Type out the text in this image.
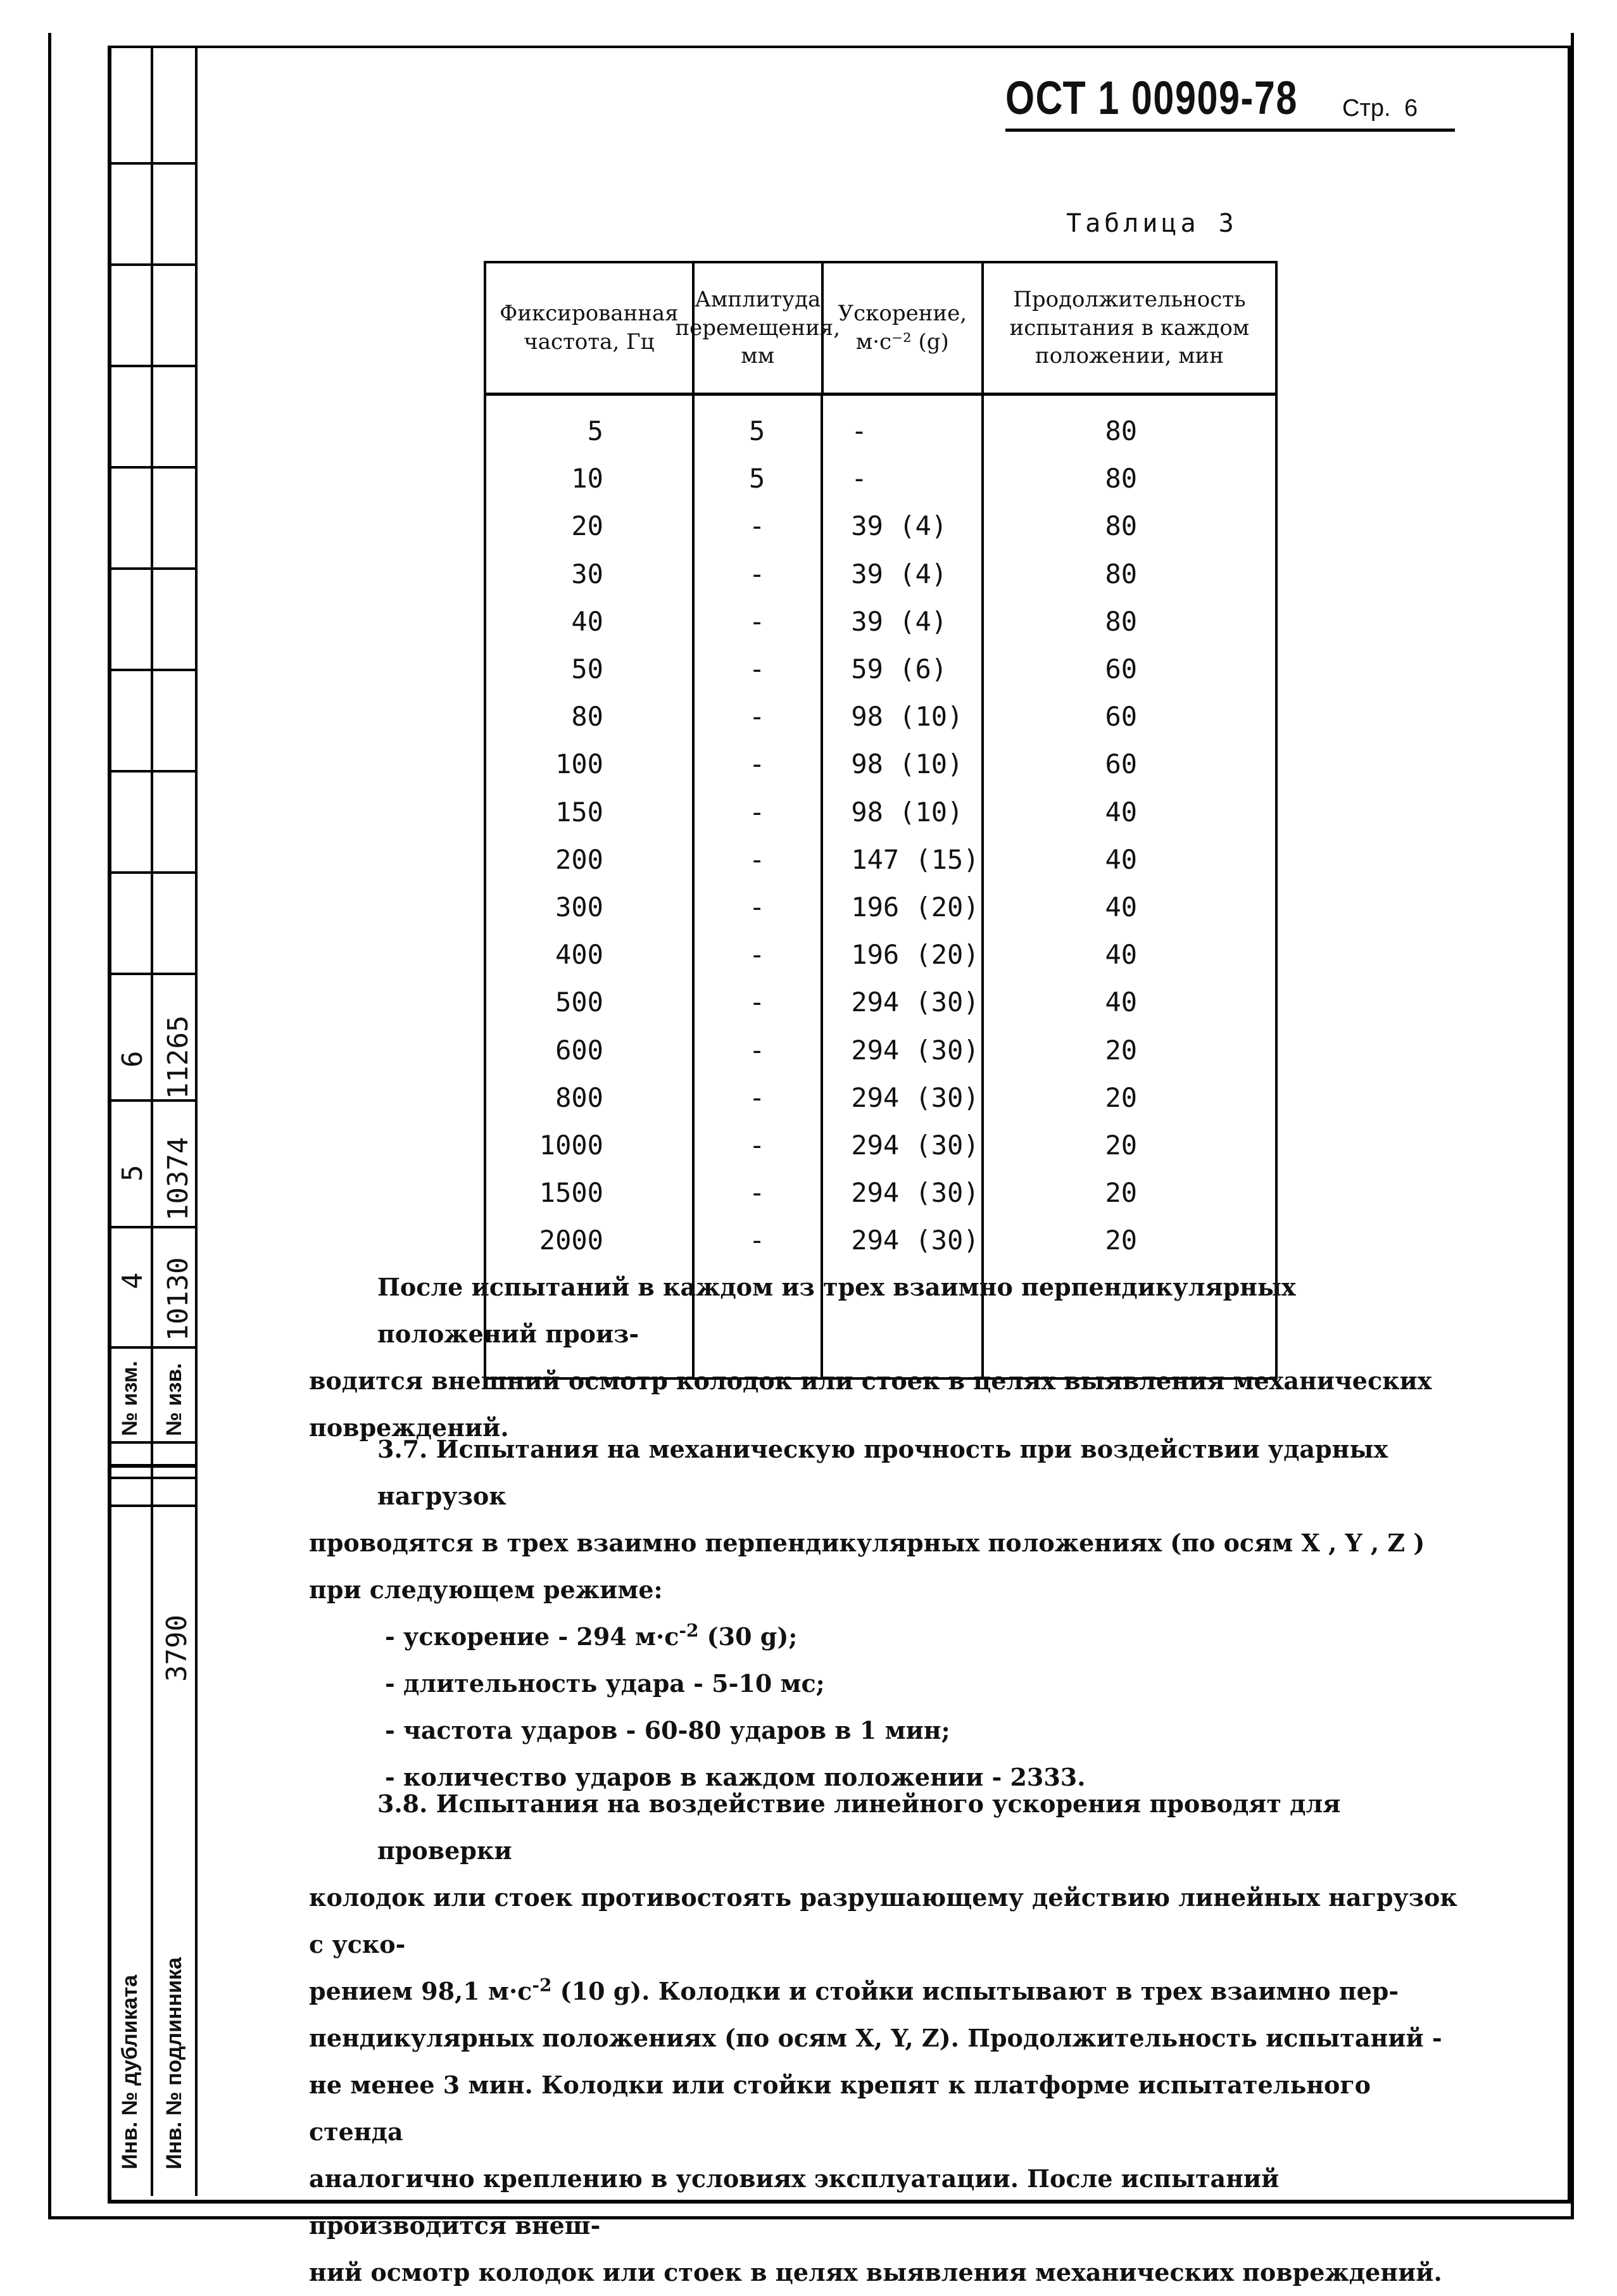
6 11265
5 10374
4 10130
№ изм. № изв.
3790
Инв. № дубликата Инв. № подлинника
ОСТ 1 00909-78 Стр. 6
Таблица 3
Фиксированная частота, Гц
Амплитуда перемещения, мм
Ускорение, м·с⁻² (g)
Продолжительность испытания в каждом положении, мин
5
10
20
30
40
50
80
100
150
200
300
400
500
600
800
1000
1500
2000
5
5
-
-
-
-
-
-
-
-
-
-
-
-
-
-
-
-
-
-
39 (4)
39 (4)
39 (4)
59 (6)
98 (10)
98 (10)
98 (10)
147 (15)
196 (20)
196 (20)
294 (30)
294 (30)
294 (30)
294 (30)
294 (30)
294 (30)
80
80
80
80
80
60
60
60
40
40
40
40
40
20
20
20
20
20
После испытаний в каждом из трех взаимно перпендикулярных положений произ-
водится внешний осмотр колодок или стоек в целях выявления механических
повреждений.
3.7. Испытания на механическую прочность при воздействии ударных нагрузок
проводятся в трех взаимно перпендикулярных положениях (по осям X , Y , Z )
при следующем режиме:
- ускорение - 294 $м\cdot с^{-2}$ (30 g);
- длительность удара - 5-10 мс;
- частота ударов - 60-80 ударов в 1 мин;
- количество ударов в каждом положении - 2333.
3.8. Испытания на воздействие линейного ускорения проводят для проверки
колодок или стоек противостоять разрушающему действию линейных нагрузок с уско-
рением 98,1 $м\cdot с^{-2}$ (10 g). Колодки и стойки испытывают в трех взаимно пер-
пендикулярных положениях (по осям X, Y, Z). Продолжительность испытаний -
не менее 3 мин. Колодки или стойки крепят к платформе испытательного стенда
аналогично креплению в условиях эксплуатации. После испытаний производится внеш-
ний осмотр колодок или стоек в целях выявления механических повреждений.
